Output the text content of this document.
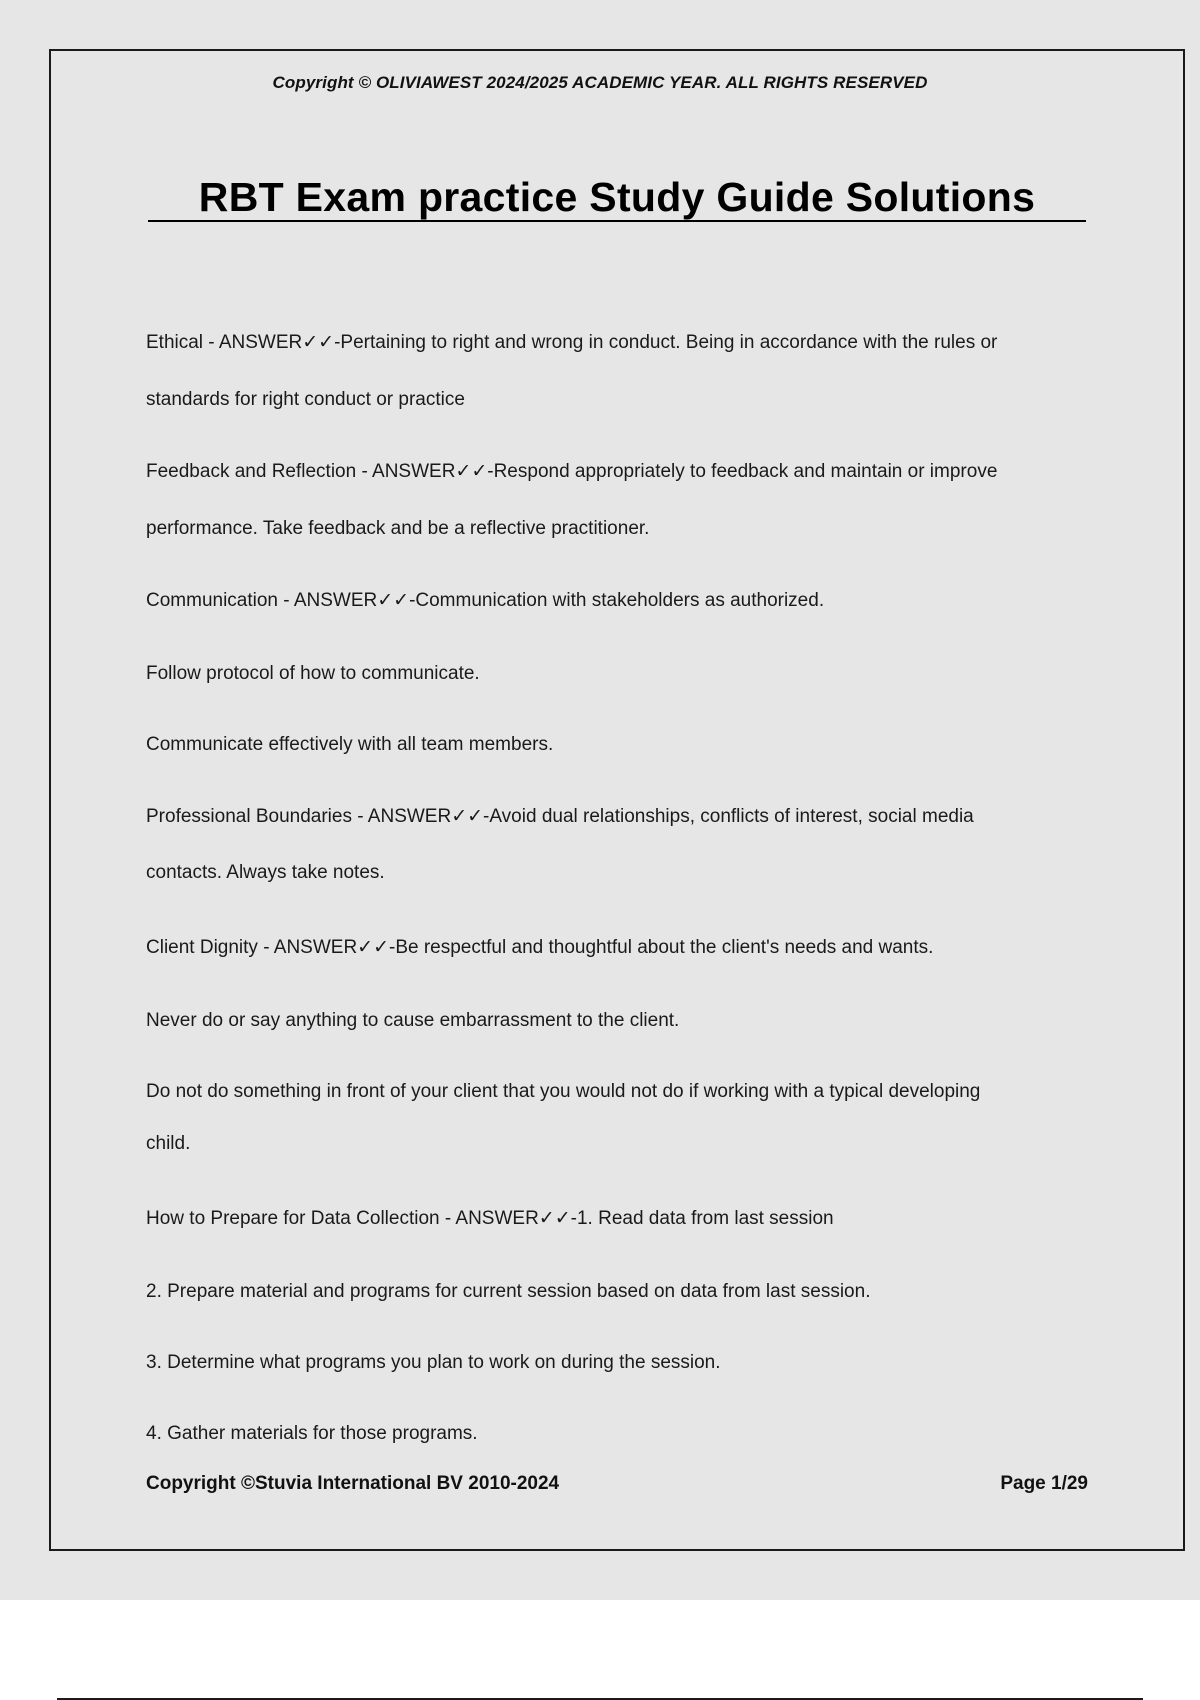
Copyright © OLIVIAWEST 2024/2025 ACADEMIC YEAR. ALL RIGHTS RESERVED
RBT Exam practice Study Guide Solutions
Ethical - ANSWER✓✓-Pertaining to right and wrong in conduct. Being in accordance with the rules or
standards for right conduct or practice
Feedback and Reflection - ANSWER✓✓-Respond appropriately to feedback and maintain or improve
performance. Take feedback and be a reflective practitioner.
Communication - ANSWER✓✓-Communication with stakeholders as authorized.
Follow protocol of how to communicate.
Communicate effectively with all team members.
Professional Boundaries - ANSWER✓✓-Avoid dual relationships, conflicts of interest, social media
contacts. Always take notes.
Client Dignity - ANSWER✓✓-Be respectful and thoughtful about the client's needs and wants.
Never do or say anything to cause embarrassment to the client.
Do not do something in front of your client that you would not do if working with a typical developing
child.
How to Prepare for Data Collection - ANSWER✓✓-1. Read data from last session
2. Prepare material and programs for current session based on data from last session.
3. Determine what programs you plan to work on during the session.
4. Gather materials for those programs.
Copyright ©Stuvia International BV 2010-2024	Page 1/29
